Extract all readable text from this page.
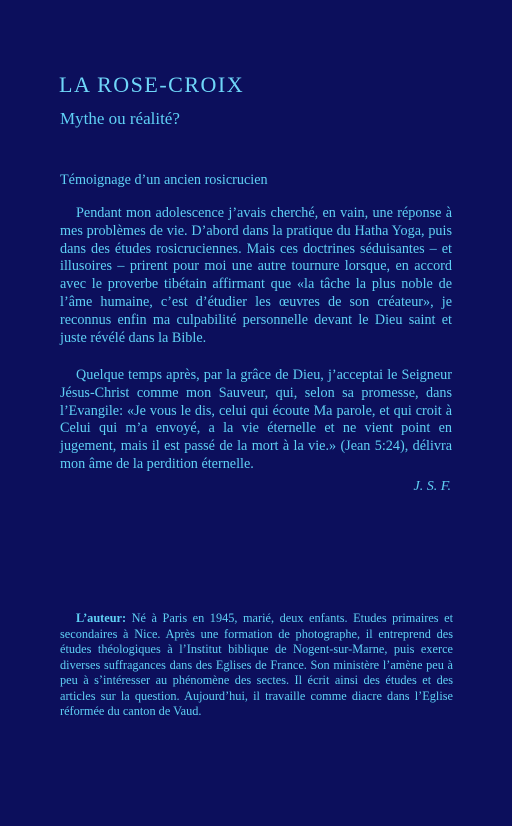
LA ROSE-CROIX
Mythe ou réalité?

Témoignage d’un ancien rosicrucien

Pendant mon adolescence j’avais cherché, en vain, une réponse à mes problèmes de vie. D’abord dans la pratique du Hatha Yoga, puis dans des études rosicruciennes. Mais ces doctrines séduisantes – et illusoires – prirent pour moi une autre tournure lorsque, en accord avec le proverbe tibétain affirmant que «la tâche la plus noble de l’âme humaine, c’est d’étudier les œuvres de son créateur», je reconnus enfin ma culpabilité personnelle devant le Dieu saint et juste révélé dans la Bible.

Quelque temps après, par la grâce de Dieu, j’acceptai le Seigneur Jésus-Christ comme mon Sauveur, qui, selon sa promesse, dans l’Evangile: «Je vous le dis, celui qui écoute Ma parole, et qui croit à Celui qui m’a envoyé, a la vie éternelle et ne vient point en jugement, mais il est passé de la mort à la vie.» (Jean 5:24), délivra mon âme de la perdition éternelle.

J. S. F.

L’auteur: Né à Paris en 1945, marié, deux enfants. Etudes primaires et secondaires à Nice. Après une formation de photographe, il entreprend des études théologiques à l’Institut biblique de Nogent-sur-Marne, puis exerce diverses suffragances dans des Eglises de France. Son ministère l’amène peu à peu à s’intéresser au phénomène des sectes. Il écrit ainsi des études et des articles sur la question. Aujourd’hui, il travaille comme diacre dans l’Eglise réformée du canton de Vaud.
